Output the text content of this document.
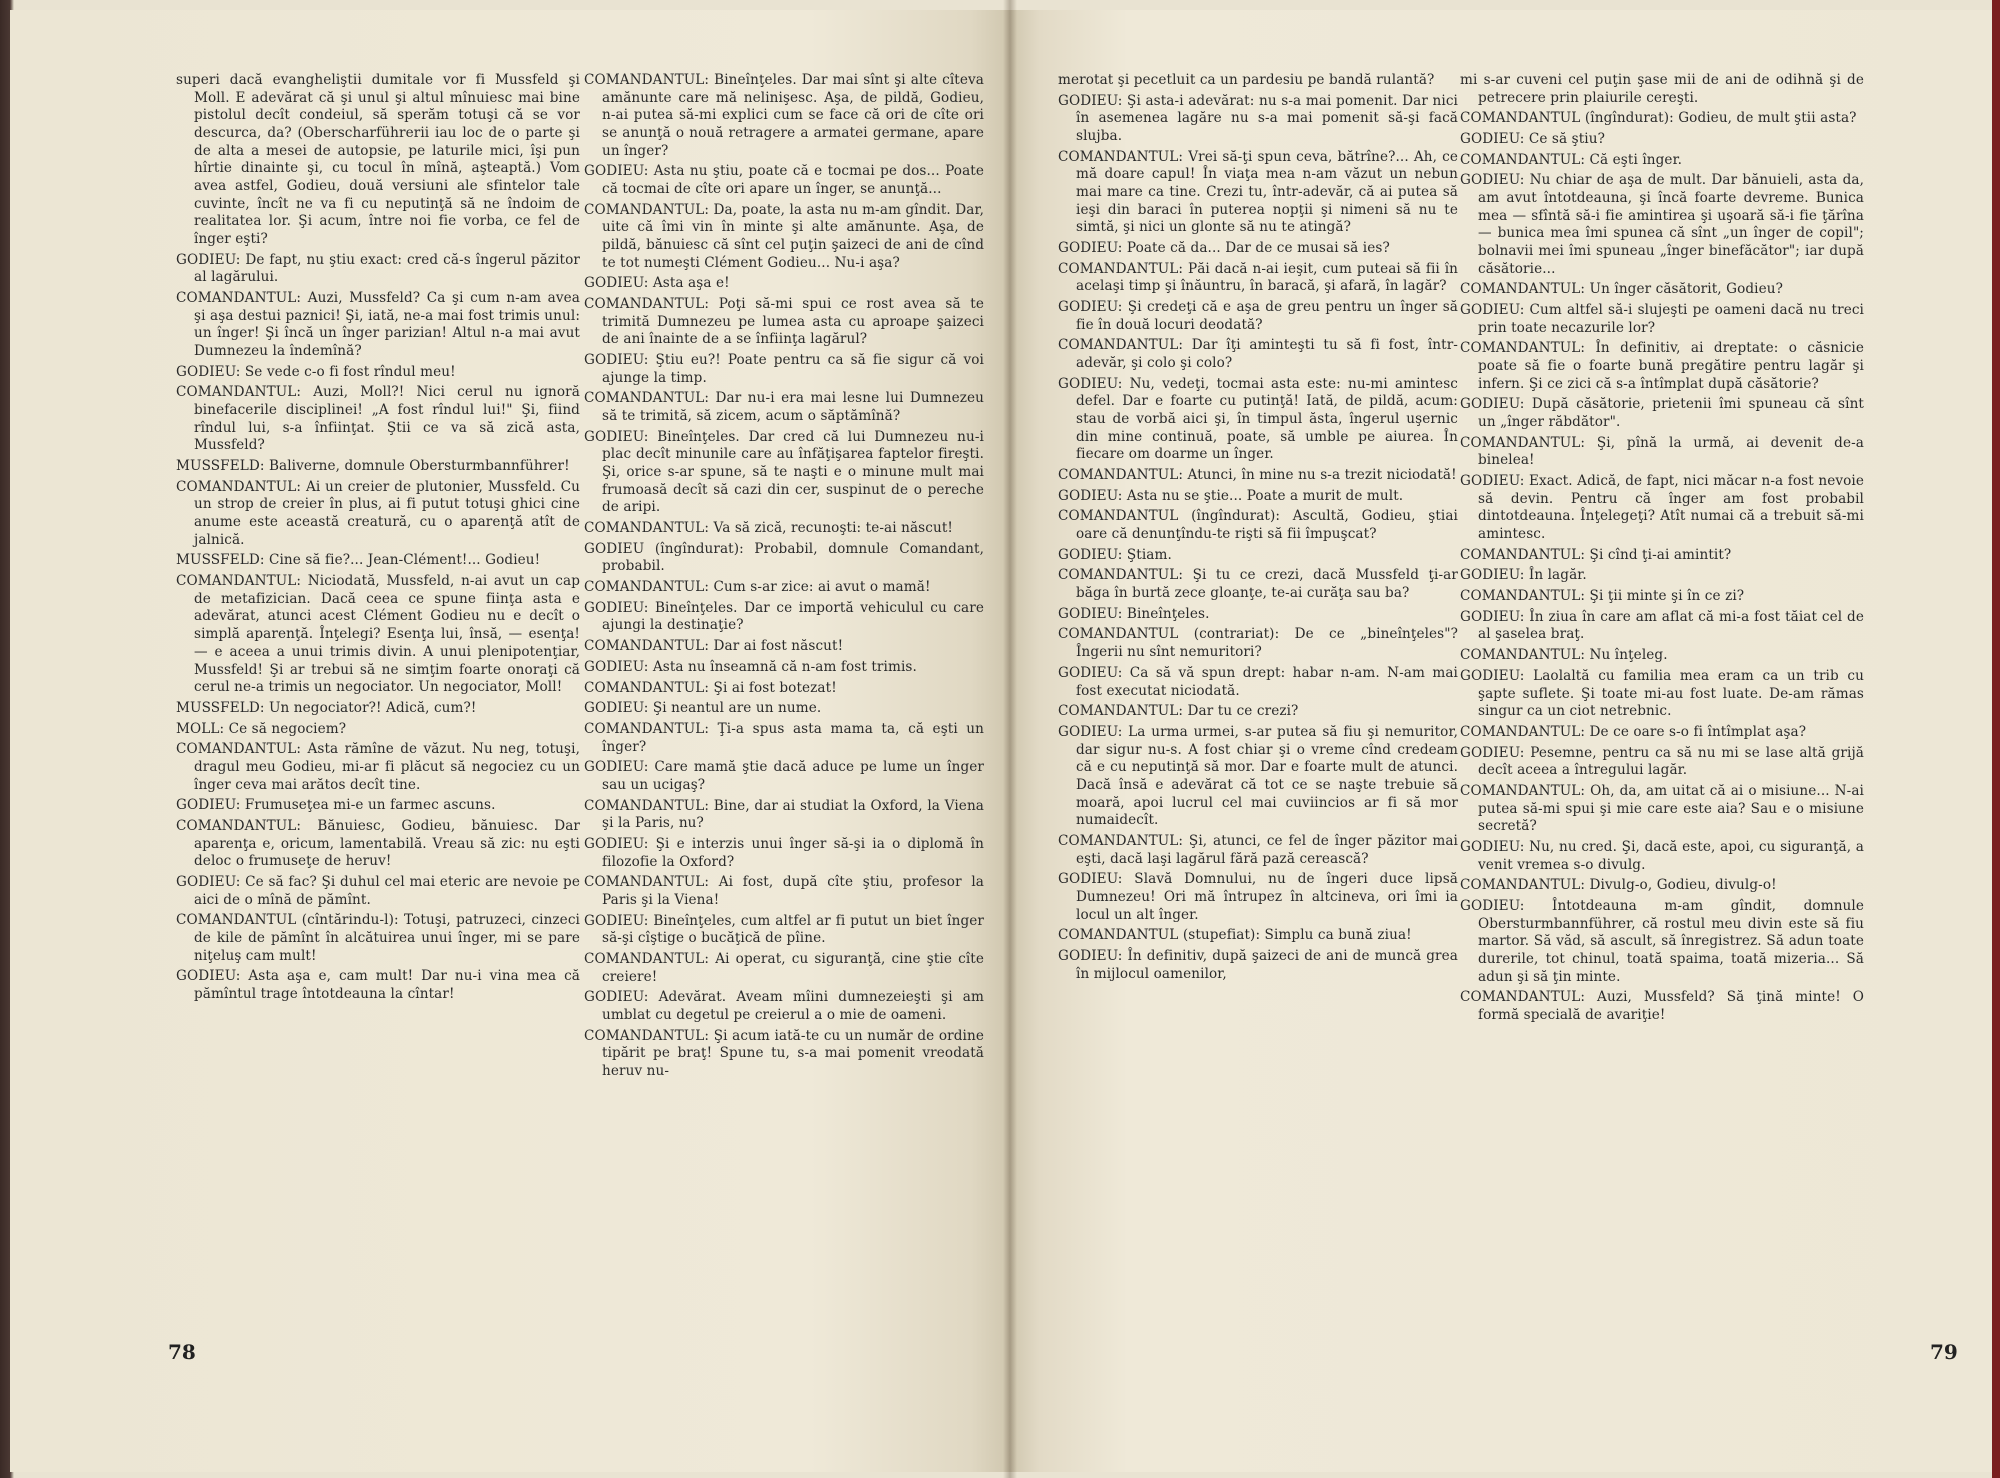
superi dacă evangheliştii dumitale vor fi Mussfeld şi Moll. E adevărat că şi unul şi altul mînuiesc mai bine pistolul decît condeiul, să sperăm totuşi că se vor descurca, da? (Oberscharführerii iau loc de o parte şi de alta a mesei de autopsie, pe laturile mici, îşi pun hîrtie dinainte şi, cu tocul în mînă, aşteaptă.) Vom avea astfel, Godieu, două versiuni ale sfintelor tale cuvinte, încît ne va fi cu neputinţă să ne îndoim de realitatea lor. Şi acum, între noi fie vorba, ce fel de înger eşti?

GODIEU: De fapt, nu ştiu exact: cred că-s îngerul păzitor al lagărului.

COMANDANTUL: Auzi, Mussfeld? Ca şi cum n-am avea şi aşa destui paznici! Şi, iată, ne-a mai fost trimis unul: un înger! Şi încă un înger parizian! Altul n-a mai avut Dumnezeu la îndemînă?

GODIEU: Se vede c-o fi fost rîndul meu!

COMANDANTUL: Auzi, Moll?! Nici cerul nu ignoră binefacerile disciplinei! „A fost rîndul lui!" Şi, fiind rîndul lui, s-a înfiinţat. Ştii ce va să zică asta, Mussfeld?

MUSSFELD: Baliverne, domnule Obersturmbannführer!

COMANDANTUL: Ai un creier de plutonier, Mussfeld. Cu un strop de creier în plus, ai fi putut totuşi ghici cine anume este această creatură, cu o aparenţă atît de jalnică.

MUSSFELD: Cine să fie?... Jean-Clément!... Godieu!

COMANDANTUL: Niciodată, Mussfeld, n-ai avut un cap de metafizician. Dacă ceea ce spune fiinţa asta e adevărat, atunci acest Clément Godieu nu e decît o simplă aparenţă. Înţelegi? Esenţa lui, însă, — esenţa! — e aceea a unui trimis divin. A unui plenipotenţiar, Mussfeld! Şi ar trebui să ne simţim foarte onoraţi că cerul ne-a trimis un negociator. Un negociator, Moll!

MUSSFELD: Un negociator?! Adică, cum?!

MOLL: Ce să negociem?

COMANDANTUL: Asta rămîne de văzut. Nu neg, totuşi, dragul meu Godieu, mi-ar fi plăcut să negociez cu un înger ceva mai arătos decît tine.

GODIEU: Frumuseţea mi-e un farmec ascuns.

COMANDANTUL: Bănuiesc, Godieu, bănuiesc. Dar aparenţa e, oricum, lamentabilă. Vreau să zic: nu eşti deloc o frumuseţe de heruv!

GODIEU: Ce să fac? Şi duhul cel mai eteric are nevoie pe aici de o mînă de pămînt.

COMANDANTUL (cîntărindu-l): Totuşi, patruzeci, cinzeci de kile de pămînt în alcătuirea unui înger, mi se pare niţeluş cam mult!

GODIEU: Asta aşa e, cam mult! Dar nu-i vina mea că pămîntul trage întotdeauna la cîntar!

COMANDANTUL: Bineînţeles. Dar mai sînt şi alte cîteva amănunte care mă nelinişesc. Aşa, de pildă, Godieu, n-ai putea să-mi explici cum se face că ori de cîte ori se anunţă o nouă retragere a armatei germane, apare un înger?

GODIEU: Asta nu ştiu, poate că e tocmai pe dos... Poate că tocmai de cîte ori apare un înger, se anunţă...

COMANDANTUL: Da, poate, la asta nu m-am gîndit. Dar, uite că îmi vin în minte şi alte amănunte. Aşa, de pildă, bănuiesc că sînt cel puţin şaizeci de ani de cînd te tot numeşti Clément Godieu... Nu-i aşa?

GODIEU: Asta aşa e!

COMANDANTUL: Poţi să-mi spui ce rost avea să te trimită Dumnezeu pe lumea asta cu aproape şaizeci de ani înainte de a se înfiinţa lagărul?

GODIEU: Ştiu eu?! Poate pentru ca să fie sigur că voi ajunge la timp.

COMANDANTUL: Dar nu-i era mai lesne lui Dumnezeu să te trimită, să zicem, acum o săptămînă?

GODIEU: Bineînţeles. Dar cred că lui Dumnezeu nu-i plac decît minunile care au înfăţişarea faptelor fireşti. Şi, orice s-ar spune, să te naşti e o minune mult mai frumoasă decît să cazi din cer, suspinut de o pereche de aripi.

COMANDANTUL: Va să zică, recunoşti: te-ai născut!

GODIEU (îngîndurat): Probabil, domnule Comandant, probabil.

COMANDANTUL: Cum s-ar zice: ai avut o mamă!

GODIEU: Bineînţeles. Dar ce importă vehiculul cu care ajungi la destinaţie?

COMANDANTUL: Dar ai fost născut!

GODIEU: Asta nu înseamnă că n-am fost trimis.

COMANDANTUL: Şi ai fost botezat!

GODIEU: Şi neantul are un nume.

COMANDANTUL: Ţi-a spus asta mama ta, că eşti un înger?

GODIEU: Care mamă ştie dacă aduce pe lume un înger sau un ucigaş?

COMANDANTUL: Bine, dar ai studiat la Oxford, la Viena şi la Paris, nu?

GODIEU: Şi e interzis unui înger să-şi ia o diplomă în filozofie la Oxford?

COMANDANTUL: Ai fost, după cîte ştiu, profesor la Paris şi la Viena!

GODIEU: Bineînţeles, cum altfel ar fi putut un biet înger să-şi cîştige o bucăţică de pîine.

COMANDANTUL: Ai operat, cu siguranţă, cine ştie cîte creiere!

GODIEU: Adevărat. Aveam mîini dumnezeieşti şi am umblat cu degetul pe creierul a o mie de oameni.

COMANDANTUL: Şi acum iată-te cu un număr de ordine tipărit pe braţ! Spune tu, s-a mai pomenit vreodată heruv nu-

78

merotat şi pecetluit ca un pardesiu pe bandă rulantă?

GODIEU: Şi asta-i adevărat: nu s-a mai pomenit. Dar nici în asemenea lagăre nu s-a mai pomenit să-şi facă slujba.

COMANDANTUL: Vrei să-ţi spun ceva, bătrîne?... Ah, ce mă doare capul! În viaţa mea n-am văzut un nebun mai mare ca tine. Crezi tu, într-adevăr, că ai putea să ieşi din baraci în puterea nopţii şi nimeni să nu te simtă, şi nici un glonte să nu te atingă?

GODIEU: Poate că da... Dar de ce musai să ies?

COMANDANTUL: Păi dacă n-ai ieşit, cum puteai să fii în acelaşi timp şi înăuntru, în baracă, şi afară, în lagăr?

GODIEU: Şi credeţi că e aşa de greu pentru un înger să fie în două locuri deodată?

COMANDANTUL: Dar îţi aminteşti tu să fi fost, într-adevăr, şi colo şi colo?

GODIEU: Nu, vedeţi, tocmai asta este: nu-mi amintesc defel. Dar e foarte cu putinţă! Iată, de pildă, acum: stau de vorbă aici şi, în timpul ăsta, îngerul uşernic din mine continuă, poate, să umble pe aiurea. În fiecare om doarme un înger.

COMANDANTUL: Atunci, în mine nu s-a trezit niciodată!

GODIEU: Asta nu se ştie... Poate a murit de mult.

COMANDANTUL (îngîndurat): Ascultă, Godieu, ştiai oare că denunţîndu-te rişti să fii împuşcat?

GODIEU: Ştiam.

COMANDANTUL: Şi tu ce crezi, dacă Mussfeld ţi-ar băga în burtă zece gloanţe, te-ai curăţa sau ba?

GODIEU: Bineînţeles.

COMANDANTUL (contrariat): De ce „bineînţeles"? Îngerii nu sînt nemuritori?

GODIEU: Ca să vă spun drept: habar n-am. N-am mai fost executat niciodată.

COMANDANTUL: Dar tu ce crezi?

GODIEU: La urma urmei, s-ar putea să fiu şi nemuritor, dar sigur nu-s. A fost chiar şi o vreme cînd credeam că e cu neputinţă să mor. Dar e foarte mult de atunci. Dacă însă e adevărat că tot ce se naşte trebuie să moară, apoi lucrul cel mai cuviincios ar fi să mor numaidecît.

COMANDANTUL: Şi, atunci, ce fel de înger păzitor mai eşti, dacă laşi lagărul fără pază cerească?

GODIEU: Slavă Domnului, nu de îngeri duce lipsă Dumnezeu! Ori mă întrupez în altcineva, ori îmi ia locul un alt înger.

COMANDANTUL (stupefiat): Simplu ca bună ziua!

GODIEU: În definitiv, după şaizeci de ani de muncă grea în mijlocul oamenilor,

mi s-ar cuveni cel puţin şase mii de ani de odihnă şi de petrecere prin plaiurile cereşti.

COMANDANTUL (îngîndurat): Godieu, de mult ştii asta?

GODIEU: Ce să ştiu?

COMANDANTUL: Că eşti înger.

GODIEU: Nu chiar de aşa de mult. Dar bănuieli, asta da, am avut întotdeauna, şi încă foarte devreme. Bunica mea — sfîntă să-i fie amintirea şi uşoară să-i fie ţărîna — bunica mea îmi spunea că sînt „un înger de copil"; bolnavii mei îmi spuneau „înger binefăcător"; iar după căsătorie...

COMANDANTUL: Un înger căsătorit, Godieu?

GODIEU: Cum altfel să-i slujeşti pe oameni dacă nu treci prin toate necazurile lor?

COMANDANTUL: În definitiv, ai dreptate: o căsnicie poate să fie o foarte bună pregătire pentru lagăr şi infern. Şi ce zici că s-a întîmplat după căsătorie?

GODIEU: După căsătorie, prietenii îmi spuneau că sînt un „înger răbdător".

COMANDANTUL: Şi, pînă la urmă, ai devenit de-a binelea!

GODIEU: Exact. Adică, de fapt, nici măcar n-a fost nevoie să devin. Pentru că înger am fost probabil dintotdeauna. Înţelegeţi? Atît numai că a trebuit să-mi amintesc.

COMANDANTUL: Şi cînd ţi-ai amintit?

GODIEU: În lagăr.

COMANDANTUL: Şi ţii minte şi în ce zi?

GODIEU: În ziua în care am aflat că mi-a fost tăiat cel de al şaselea braţ.

COMANDANTUL: Nu înţeleg.

GODIEU: Laolaltă cu familia mea eram ca un trib cu şapte suflete. Şi toate mi-au fost luate. De-am rămas singur ca un ciot netrebnic.

COMANDANTUL: De ce oare s-o fi întîmplat aşa?

GODIEU: Pesemne, pentru ca să nu mi se lase altă grijă decît aceea a întregului lagăr.

COMANDANTUL: Oh, da, am uitat că ai o misiune... N-ai putea să-mi spui şi mie care este aia? Sau e o misiune secretă?

GODIEU: Nu, nu cred. Şi, dacă este, apoi, cu siguranţă, a venit vremea s-o divulg.

COMANDANTUL: Divulg-o, Godieu, divulg-o!

GODIEU: Întotdeauna m-am gîndit, domnule Obersturmbannführer, că rostul meu divin este să fiu martor. Să văd, să ascult, să înregistrez. Să adun toate durerile, tot chinul, toată spaima, toată mizeria... Să adun şi să ţin minte.

COMANDANTUL: Auzi, Mussfeld? Să ţină minte! O formă specială de avariţie!

79
